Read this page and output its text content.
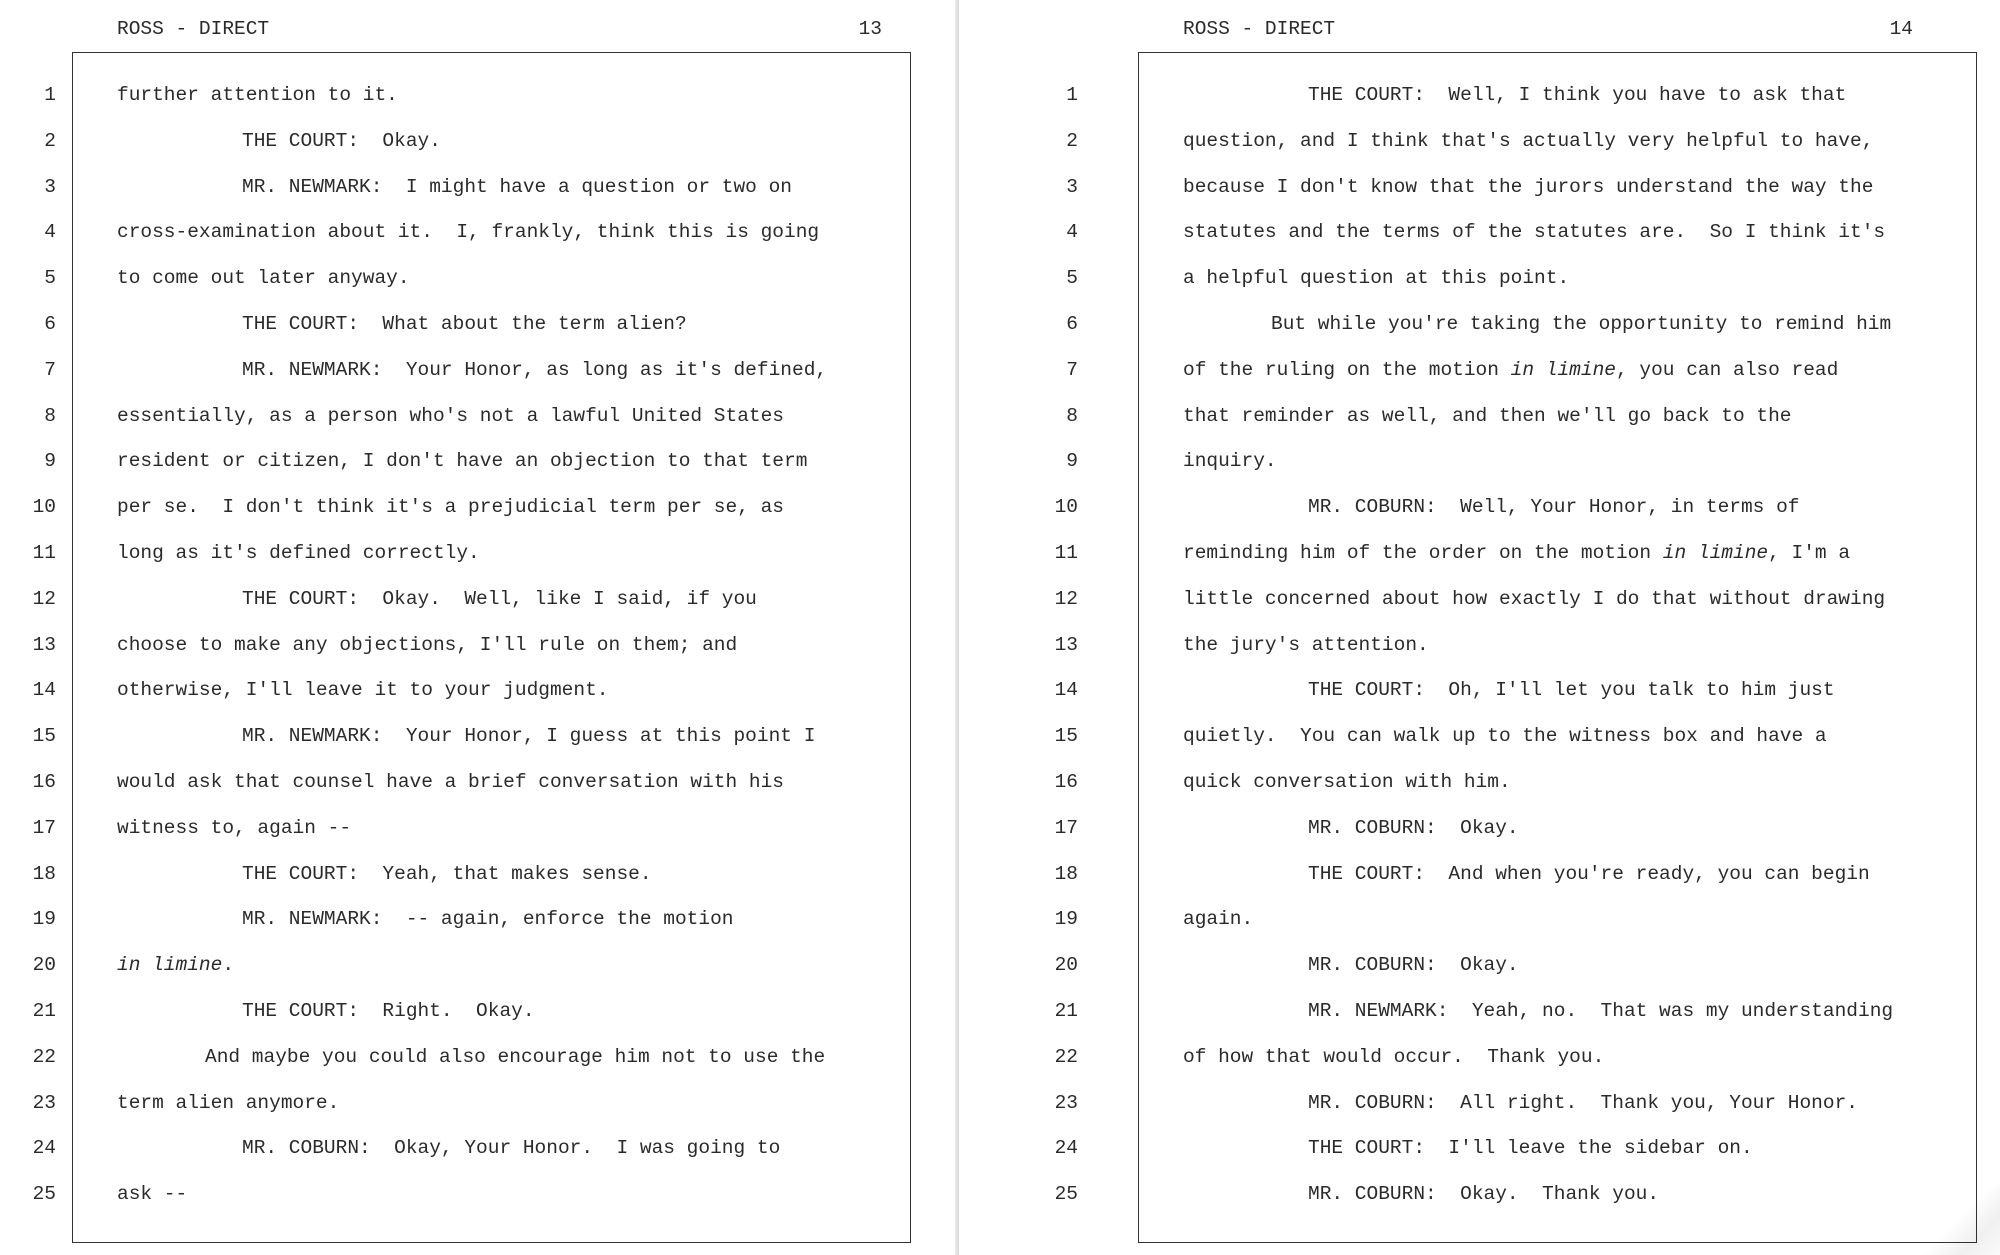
ROSS - DIRECT	13
1
2
3
4
5
6
7
8
9
10
11
12
13
14
15
16
17
18
19
20
21
22
23
24
25
further attention to it.
THE COURT:  Okay.
MR. NEWMARK:  I might have a question or two on
cross-examination about it.  I, frankly, think this is going
to come out later anyway.
THE COURT:  What about the term alien?
MR. NEWMARK:  Your Honor, as long as it's defined,
essentially, as a person who's not a lawful United States
resident or citizen, I don't have an objection to that term
per se.  I don't think it's a prejudicial term per se, as
long as it's defined correctly.
THE COURT:  Okay.  Well, like I said, if you
choose to make any objections, I'll rule on them; and
otherwise, I'll leave it to your judgment.
MR. NEWMARK:  Your Honor, I guess at this point I
would ask that counsel have a brief conversation with his
witness to, again --
THE COURT:  Yeah, that makes sense.
MR. NEWMARK:  -- again, enforce the motion
in limine.
THE COURT:  Right.  Okay.
And maybe you could also encourage him not to use the
term alien anymore.
MR. COBURN:  Okay, Your Honor.  I was going to
ask --
ROSS - DIRECT	14
1
2
3
4
5
6
7
8
9
10
11
12
13
14
15
16
17
18
19
20
21
22
23
24
25
THE COURT:  Well, I think you have to ask that
question, and I think that's actually very helpful to have,
because I don't know that the jurors understand the way the
statutes and the terms of the statutes are.  So I think it's
a helpful question at this point.
But while you're taking the opportunity to remind him
of the ruling on the motion in limine, you can also read
that reminder as well, and then we'll go back to the
inquiry.
MR. COBURN:  Well, Your Honor, in terms of
reminding him of the order on the motion in limine, I'm a
little concerned about how exactly I do that without drawing
the jury's attention.
THE COURT:  Oh, I'll let you talk to him just
quietly.  You can walk up to the witness box and have a
quick conversation with him.
MR. COBURN:  Okay.
THE COURT:  And when you're ready, you can begin
again.
MR. COBURN:  Okay.
MR. NEWMARK:  Yeah, no.  That was my understanding
of how that would occur.  Thank you.
MR. COBURN:  All right.  Thank you, Your Honor.
THE COURT:  I'll leave the sidebar on.
MR. COBURN:  Okay.  Thank you.
